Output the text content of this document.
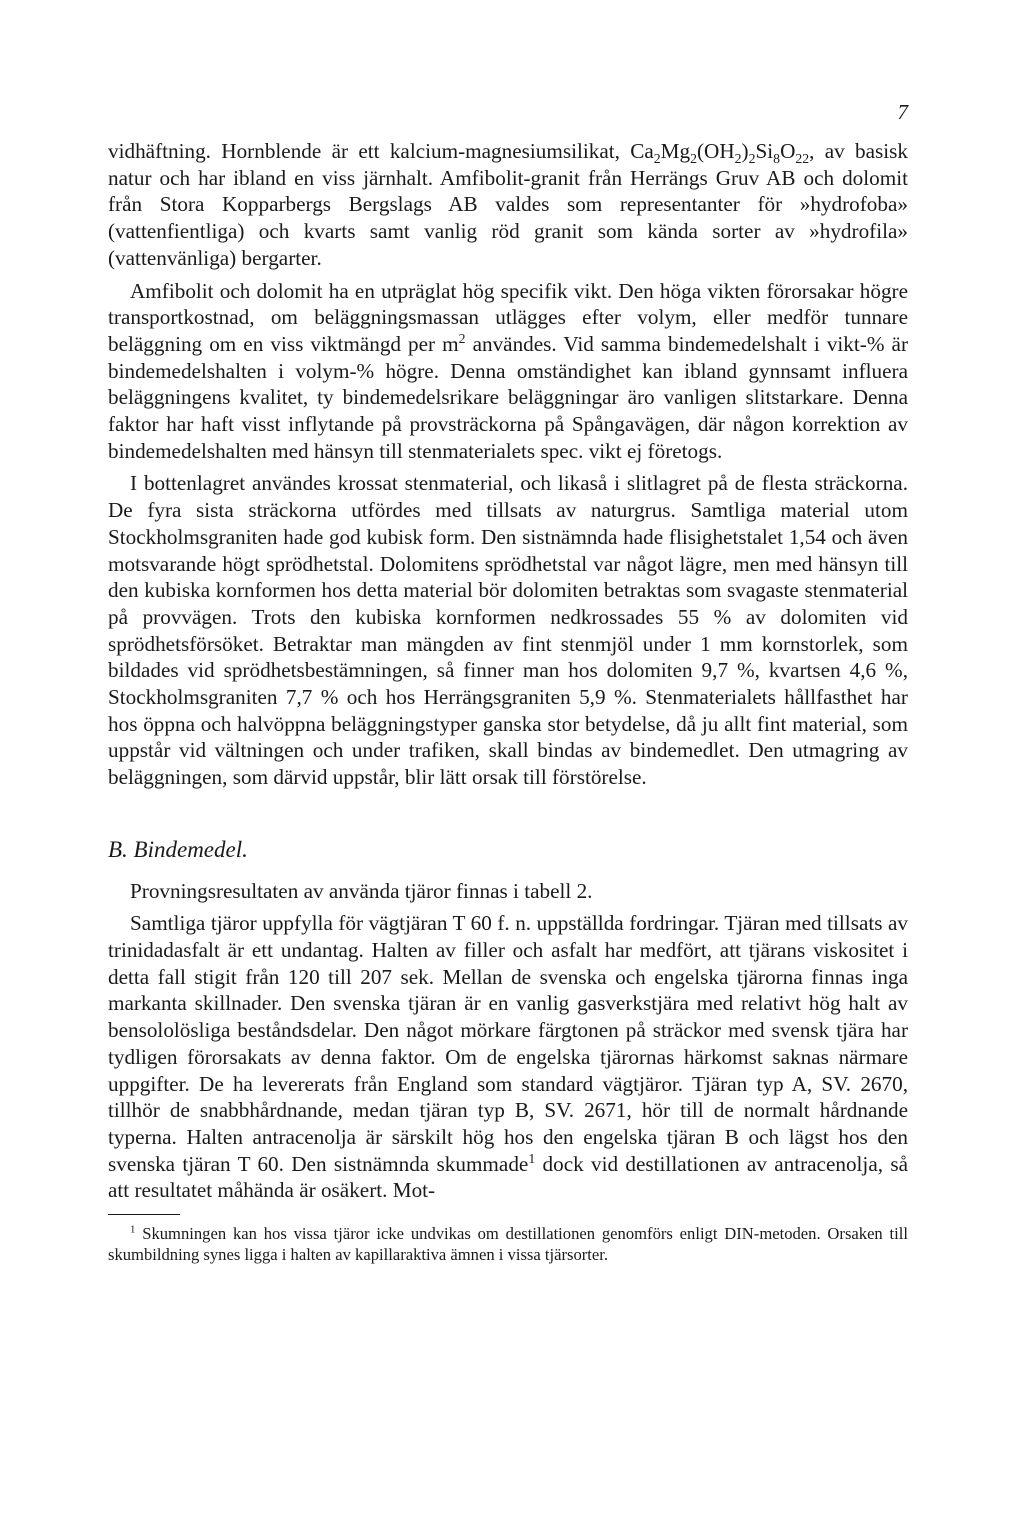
7

vidhäftning. Hornblende är ett kalcium-magnesiumsilikat, $Ca_2Mg_2(OH_2)_2Si_8O_{22}$, av basisk natur och har ibland en viss järnhalt. Amfibolit-granit från Herrängs Gruv AB och dolomit från Stora Kopparbergs Bergslags AB valdes som representanter för »hydrofoba» (vattenfientliga) och kvarts samt vanlig röd granit som kända sorter av »hydrofila» (vattenvänliga) bergarter.

Amfibolit och dolomit ha en utpräglat hög specifik vikt. Den höga vikten förorsakar högre transportkostnad, om beläggningsmassan utlägges efter volym, eller medför tunnare beläggning om en viss viktmängd per $m^2$ användes. Vid samma bindemedelshalt i vikt-% är bindemedelshalten i volym-% högre. Denna omständighet kan ibland gynnsamt influera beläggningens kvalitet, ty bindemedelsrikare beläggningar äro vanligen slitstarkare. Denna faktor har haft visst inflytande på provsträckorna på Spångavägen, där någon korrektion av bindemedelshalten med hänsyn till stenmaterialets spec. vikt ej företogs.

I bottenlagret användes krossat stenmaterial, och likaså i slitlagret på de flesta sträckorna. De fyra sista sträckorna utfördes med tillsats av naturgrus. Samtliga material utom Stockholmsgraniten hade god kubisk form. Den sistnämnda hade flisighetstalet 1,54 och även motsvarande högt sprödhetstal. Dolomitens sprödhetstal var något lägre, men med hänsyn till den kubiska kornformen hos detta material bör dolomiten betraktas som svagaste stenmaterial på provvägen. Trots den kubiska kornformen nedkrossades 55 % av dolomiten vid sprödhetsförsöket. Betraktar man mängden av fint stenmjöl under 1 mm kornstorlek, som bildades vid sprödhetsbestämningen, så finner man hos dolomiten 9,7 %, kvartsen 4,6 %, Stockholmsgraniten 7,7 % och hos Herrängsgraniten 5,9 %. Stenmaterialets hållfasthet har hos öppna och halvöppna beläggningstyper ganska stor betydelse, då ju allt fint material, som uppstår vid vältningen och under trafiken, skall bindas av bindemedlet. Den utmagring av beläggningen, som därvid uppstår, blir lätt orsak till förstörelse.

B. Bindemedel.

Provningsresultaten av använda tjäror finnas i tabell 2.

Samtliga tjäror uppfylla för vägtjäran T 60 f. n. uppställda fordringar. Tjäran med tillsats av trinidadasfalt är ett undantag. Halten av filler och asfalt har medfört, att tjärans viskositet i detta fall stigit från 120 till 207 sek. Mellan de svenska och engelska tjärorna finnas inga markanta skillnader. Den svenska tjäran är en vanlig gasverkstjära med relativt hög halt av bensololösliga beståndsdelar. Den något mörkare färgtonen på sträckor med svensk tjära har tydligen förorsakats av denna faktor. Om de engelska tjärornas härkomst saknas närmare uppgifter. De ha levererats från England som standard vägtjäror. Tjäran typ A, SV. 2670, tillhör de snabbhårdnande, medan tjäran typ B, SV. 2671, hör till de normalt hårdnande typerna. Halten antracenolja är särskilt hög hos den engelska tjäran B och lägst hos den svenska tjäran T 60. Den sistnämnda skummade$^1$ dock vid destillationen av antracenolja, så att resultatet måhända är osäkert. Mot-

$^1$ Skumningen kan hos vissa tjäror icke undvikas om destillationen genomförs enligt DIN-metoden. Orsaken till skumbildning synes ligga i halten av kapillaraktiva ämnen i vissa tjärsorter.
